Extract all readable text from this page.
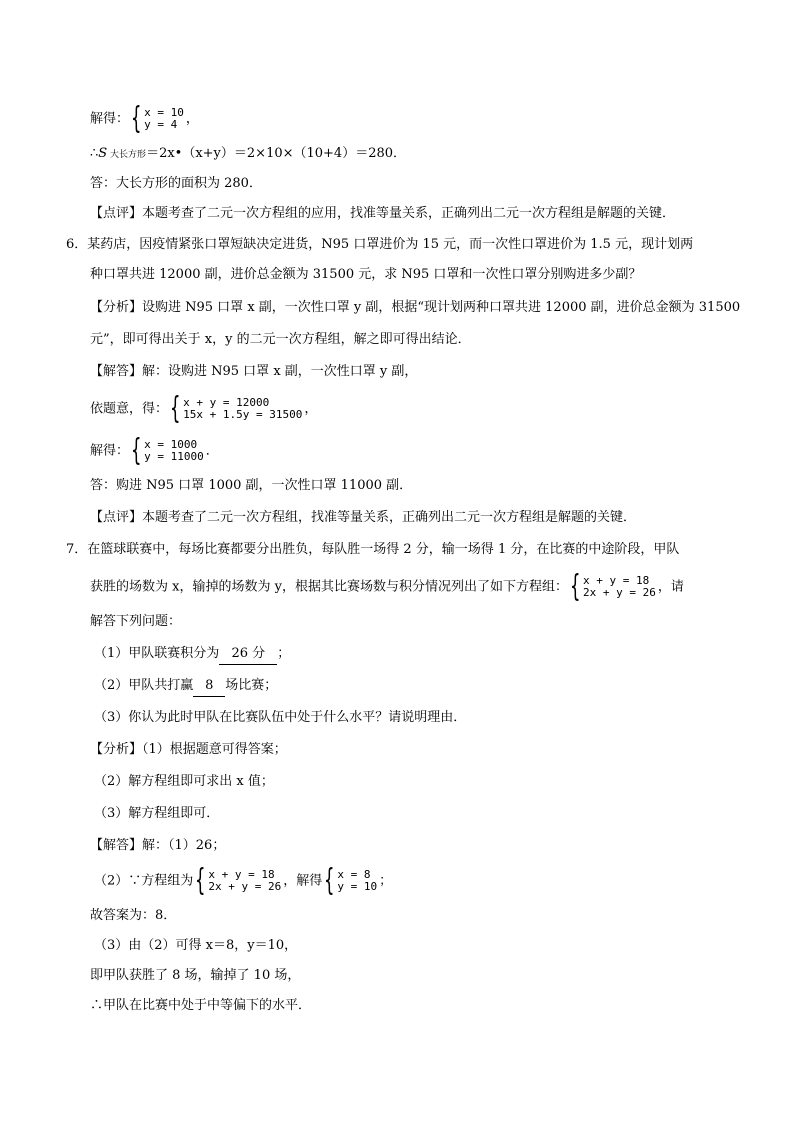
解得： { x = 10
y = 4 ，
∴S 大长方形＝2x•（x+y）＝2×10×（10+4）＝280．
答：大长方形的面积为 280．
【点评】本题考查了二元一次方程组的应用，找准等量关系，正确列出二元一次方程组是解题的关键．
6．某药店，因疫情紧张口罩短缺决定进货，N95 口罩进价为 15 元，而一次性口罩进价为 1.5 元，现计划两
种口罩共进 12000 副，进价总金额为 31500 元，求 N95 口罩和一次性口罩分别购进多少副？
【分析】设购进 N95 口罩 x 副，一次性口罩 y 副，根据“现计划两种口罩共进 12000 副，进价总金额为 31500
元”，即可得出关于 x，y 的二元一次方程组，解之即可得出结论．
【解答】解：设购进 N95 口罩 x 副，一次性口罩 y 副，
依题意，得： { x + y = 12000
15x + 1.5y = 31500 ，
解得： { x = 1000
y = 11000 ．
答：购进 N95 口罩 1000 副，一次性口罩 11000 副．
【点评】本题考查了二元一次方程组，找准等量关系，正确列出二元一次方程组是解题的关键．
7．在篮球联赛中，每场比赛都要分出胜负，每队胜一场得 2 分，输一场得 1 分，在比赛的中途阶段，甲队
获胜的场数为 x，输掉的场数为 y，根据其比赛场数与积分情况列出了如下方程组： { x + y = 18
2x + y = 26 ，请
解答下列问题：
（1）甲队联赛积分为 26 分 ；
（2）甲队共打赢 8 场比赛；
（3）你认为此时甲队在比赛队伍中处于什么水平？请说明理由．
【分析】（1）根据题意可得答案；
（2）解方程组即可求出 x 值；
（3）解方程组即可．
【解答】解：（1）26；
（2）∵方程组为 { x + y = 18
2x + y = 26 ，解得 { x = 8
y = 10 ；
故答案为：8．
（3）由（2）可得 x＝8，y＝10，
即甲队获胜了 8 场，输掉了 10 场，
∴甲队在比赛中处于中等偏下的水平．
